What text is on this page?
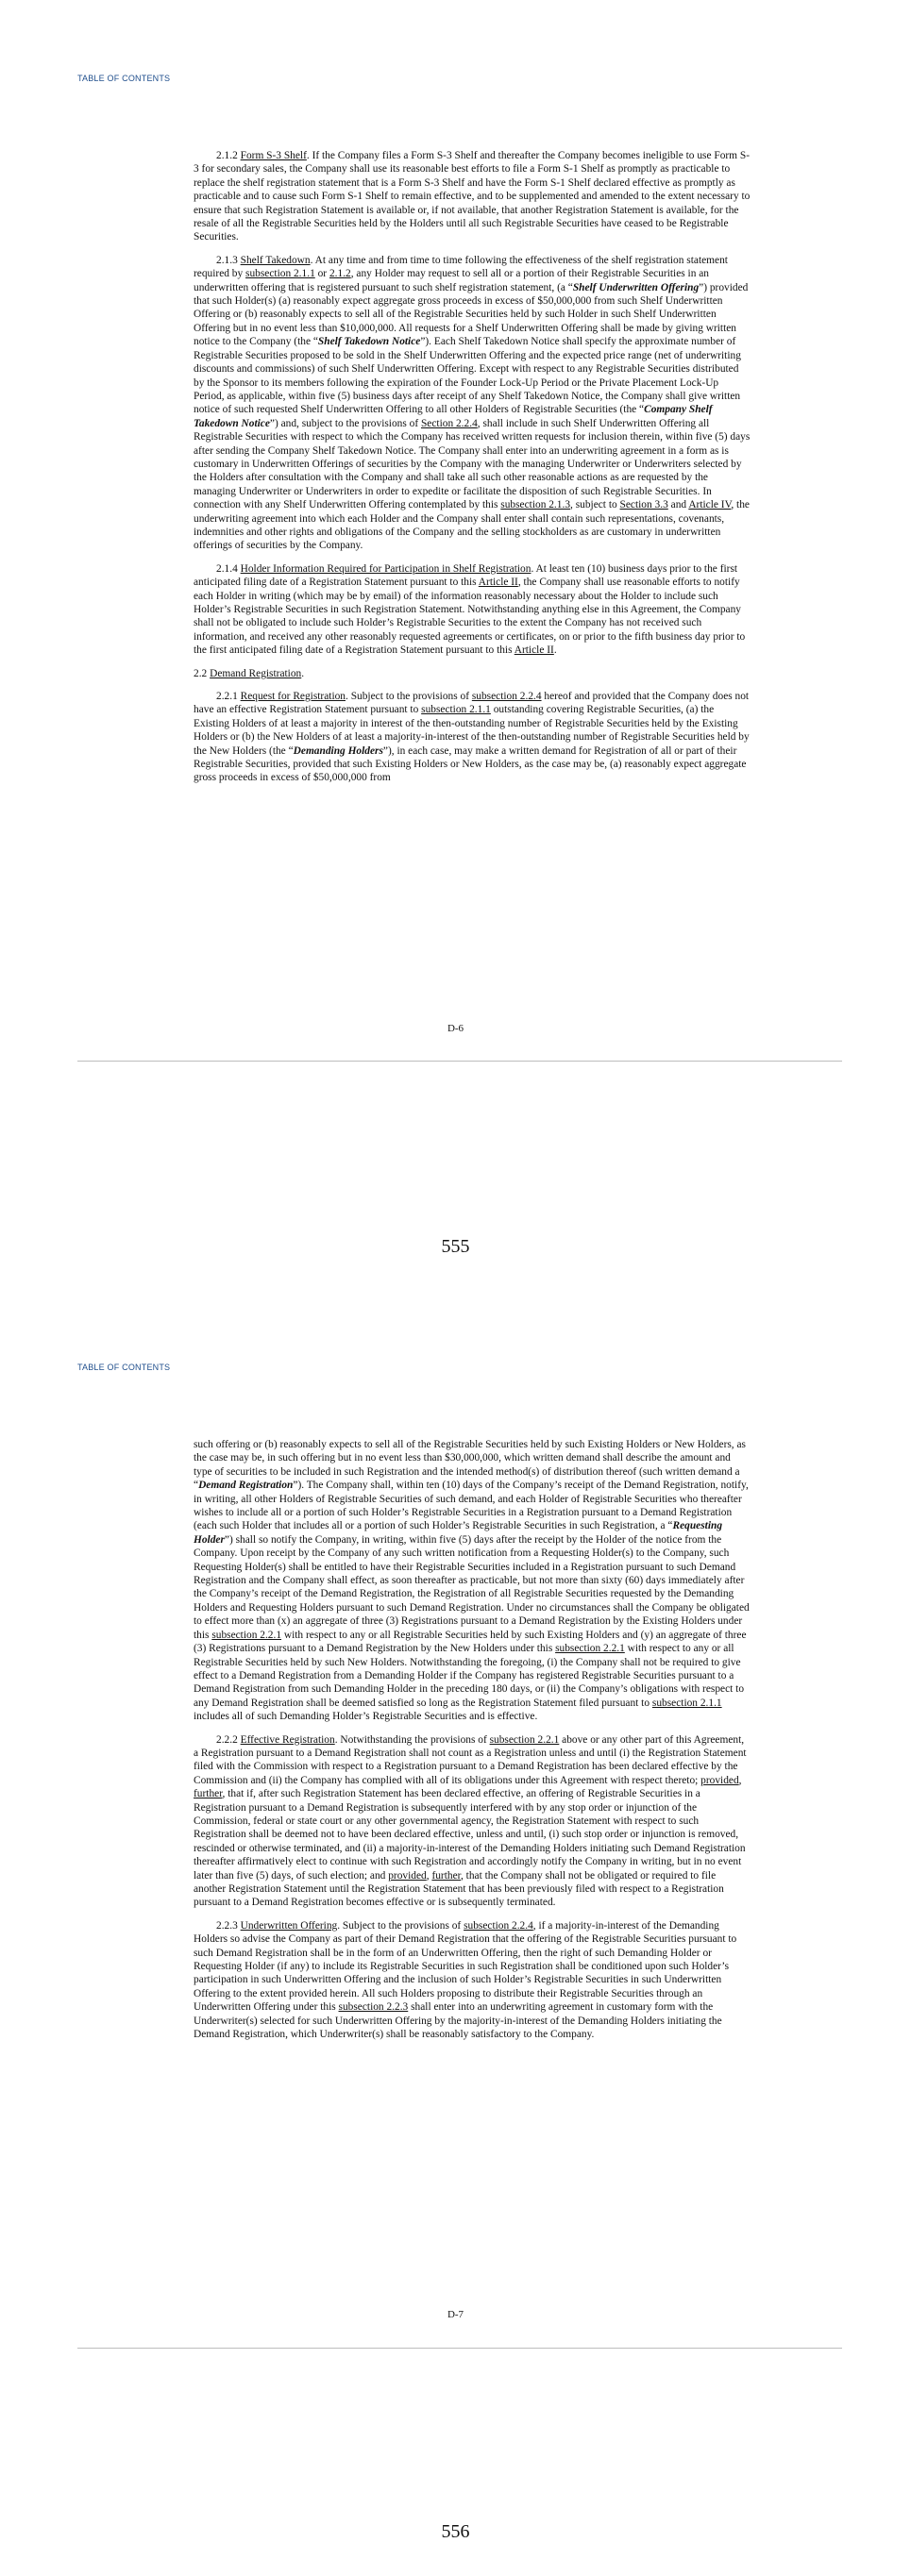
TABLE OF CONTENTS

2.1.2 Form S-3 Shelf. If the Company files a Form S-3 Shelf and thereafter the Company becomes ineligible to use Form S-3 for secondary sales, the Company shall use its reasonable best efforts to file a Form S-1 Shelf as promptly as practicable to replace the shelf registration statement that is a Form S-3 Shelf and have the Form S-1 Shelf declared effective as promptly as practicable and to cause such Form S-1 Shelf to remain effective, and to be supplemented and amended to the extent necessary to ensure that such Registration Statement is available or, if not available, that another Registration Statement is available, for the resale of all the Registrable Securities held by the Holders until all such Registrable Securities have ceased to be Registrable Securities.

2.1.3 Shelf Takedown. At any time and from time to time following the effectiveness of the shelf registration statement required by subsection 2.1.1 or 2.1.2, any Holder may request to sell all or a portion of their Registrable Securities in an underwritten offering that is registered pursuant to such shelf registration statement, (a “Shelf Underwritten Offering”) provided that such Holder(s) (a) reasonably expect aggregate gross proceeds in excess of $50,000,000 from such Shelf Underwritten Offering or (b) reasonably expects to sell all of the Registrable Securities held by such Holder in such Shelf Underwritten Offering but in no event less than $10,000,000. All requests for a Shelf Underwritten Offering shall be made by giving written notice to the Company (the “Shelf Takedown Notice”). Each Shelf Takedown Notice shall specify the approximate number of Registrable Securities proposed to be sold in the Shelf Underwritten Offering and the expected price range (net of underwriting discounts and commissions) of such Shelf Underwritten Offering. Except with respect to any Registrable Securities distributed by the Sponsor to its members following the expiration of the Founder Lock-Up Period or the Private Placement Lock-Up Period, as applicable, within five (5) business days after receipt of any Shelf Takedown Notice, the Company shall give written notice of such requested Shelf Underwritten Offering to all other Holders of Registrable Securities (the “Company Shelf Takedown Notice”) and, subject to the provisions of Section 2.2.4, shall include in such Shelf Underwritten Offering all Registrable Securities with respect to which the Company has received written requests for inclusion therein, within five (5) days after sending the Company Shelf Takedown Notice. The Company shall enter into an underwriting agreement in a form as is customary in Underwritten Offerings of securities by the Company with the managing Underwriter or Underwriters selected by the Holders after consultation with the Company and shall take all such other reasonable actions as are requested by the managing Underwriter or Underwriters in order to expedite or facilitate the disposition of such Registrable Securities. In connection with any Shelf Underwritten Offering contemplated by this subsection 2.1.3, subject to Section 3.3 and Article IV, the underwriting agreement into which each Holder and the Company shall enter shall contain such representations, covenants, indemnities and other rights and obligations of the Company and the selling stockholders as are customary in underwritten offerings of securities by the Company.

2.1.4 Holder Information Required for Participation in Shelf Registration. At least ten (10) business days prior to the first anticipated filing date of a Registration Statement pursuant to this Article II, the Company shall use reasonable efforts to notify each Holder in writing (which may be by email) of the information reasonably necessary about the Holder to include such Holder’s Registrable Securities in such Registration Statement. Notwithstanding anything else in this Agreement, the Company shall not be obligated to include such Holder’s Registrable Securities to the extent the Company has not received such information, and received any other reasonably requested agreements or certificates, on or prior to the fifth business day prior to the first anticipated filing date of a Registration Statement pursuant to this Article II.

2.2 Demand Registration.

2.2.1 Request for Registration. Subject to the provisions of subsection 2.2.4 hereof and provided that the Company does not have an effective Registration Statement pursuant to subsection 2.1.1 outstanding covering Registrable Securities, (a) the Existing Holders of at least a majority in interest of the then-outstanding number of Registrable Securities held by the Existing Holders or (b) the New Holders of at least a majority-in-interest of the then-outstanding number of Registrable Securities held by the New Holders (the “Demanding Holders”), in each case, may make a written demand for Registration of all or part of their Registrable Securities, provided that such Existing Holders or New Holders, as the case may be, (a) reasonably expect aggregate gross proceeds in excess of $50,000,000 from

D-6
555
TABLE OF CONTENTS

such offering or (b) reasonably expects to sell all of the Registrable Securities held by such Existing Holders or New Holders, as the case may be, in such offering but in no event less than $30,000,000, which written demand shall describe the amount and type of securities to be included in such Registration and the intended method(s) of distribution thereof (such written demand a “Demand Registration”). The Company shall, within ten (10) days of the Company’s receipt of the Demand Registration, notify, in writing, all other Holders of Registrable Securities of such demand, and each Holder of Registrable Securities who thereafter wishes to include all or a portion of such Holder’s Registrable Securities in a Registration pursuant to a Demand Registration (each such Holder that includes all or a portion of such Holder’s Registrable Securities in such Registration, a “Requesting Holder”) shall so notify the Company, in writing, within five (5) days after the receipt by the Holder of the notice from the Company. Upon receipt by the Company of any such written notification from a Requesting Holder(s) to the Company, such Requesting Holder(s) shall be entitled to have their Registrable Securities included in a Registration pursuant to such Demand Registration and the Company shall effect, as soon thereafter as practicable, but not more than sixty (60) days immediately after the Company’s receipt of the Demand Registration, the Registration of all Registrable Securities requested by the Demanding Holders and Requesting Holders pursuant to such Demand Registration. Under no circumstances shall the Company be obligated to effect more than (x) an aggregate of three (3) Registrations pursuant to a Demand Registration by the Existing Holders under this subsection 2.2.1 with respect to any or all Registrable Securities held by such Existing Holders and (y) an aggregate of three (3) Registrations pursuant to a Demand Registration by the New Holders under this subsection 2.2.1 with respect to any or all Registrable Securities held by such New Holders. Notwithstanding the foregoing, (i) the Company shall not be required to give effect to a Demand Registration from a Demanding Holder if the Company has registered Registrable Securities pursuant to a Demand Registration from such Demanding Holder in the preceding 180 days, or (ii) the Company’s obligations with respect to any Demand Registration shall be deemed satisfied so long as the Registration Statement filed pursuant to subsection 2.1.1 includes all of such Demanding Holder’s Registrable Securities and is effective.

2.2.2 Effective Registration. Notwithstanding the provisions of subsection 2.2.1 above or any other part of this Agreement, a Registration pursuant to a Demand Registration shall not count as a Registration unless and until (i) the Registration Statement filed with the Commission with respect to a Registration pursuant to a Demand Registration has been declared effective by the Commission and (ii) the Company has complied with all of its obligations under this Agreement with respect thereto; provided, further, that if, after such Registration Statement has been declared effective, an offering of Registrable Securities in a Registration pursuant to a Demand Registration is subsequently interfered with by any stop order or injunction of the Commission, federal or state court or any other governmental agency, the Registration Statement with respect to such Registration shall be deemed not to have been declared effective, unless and until, (i) such stop order or injunction is removed, rescinded or otherwise terminated, and (ii) a majority-in-interest of the Demanding Holders initiating such Demand Registration thereafter affirmatively elect to continue with such Registration and accordingly notify the Company in writing, but in no event later than five (5) days, of such election; and provided, further, that the Company shall not be obligated or required to file another Registration Statement until the Registration Statement that has been previously filed with respect to a Registration pursuant to a Demand Registration becomes effective or is subsequently terminated.

2.2.3 Underwritten Offering. Subject to the provisions of subsection 2.2.4, if a majority-in-interest of the Demanding Holders so advise the Company as part of their Demand Registration that the offering of the Registrable Securities pursuant to such Demand Registration shall be in the form of an Underwritten Offering, then the right of such Demanding Holder or Requesting Holder (if any) to include its Registrable Securities in such Registration shall be conditioned upon such Holder’s participation in such Underwritten Offering and the inclusion of such Holder’s Registrable Securities in such Underwritten Offering to the extent provided herein. All such Holders proposing to distribute their Registrable Securities through an Underwritten Offering under this subsection 2.2.3 shall enter into an underwriting agreement in customary form with the Underwriter(s) selected for such Underwritten Offering by the majority-in-interest of the Demanding Holders initiating the Demand Registration, which Underwriter(s) shall be reasonably satisfactory to the Company.

D-7
556
